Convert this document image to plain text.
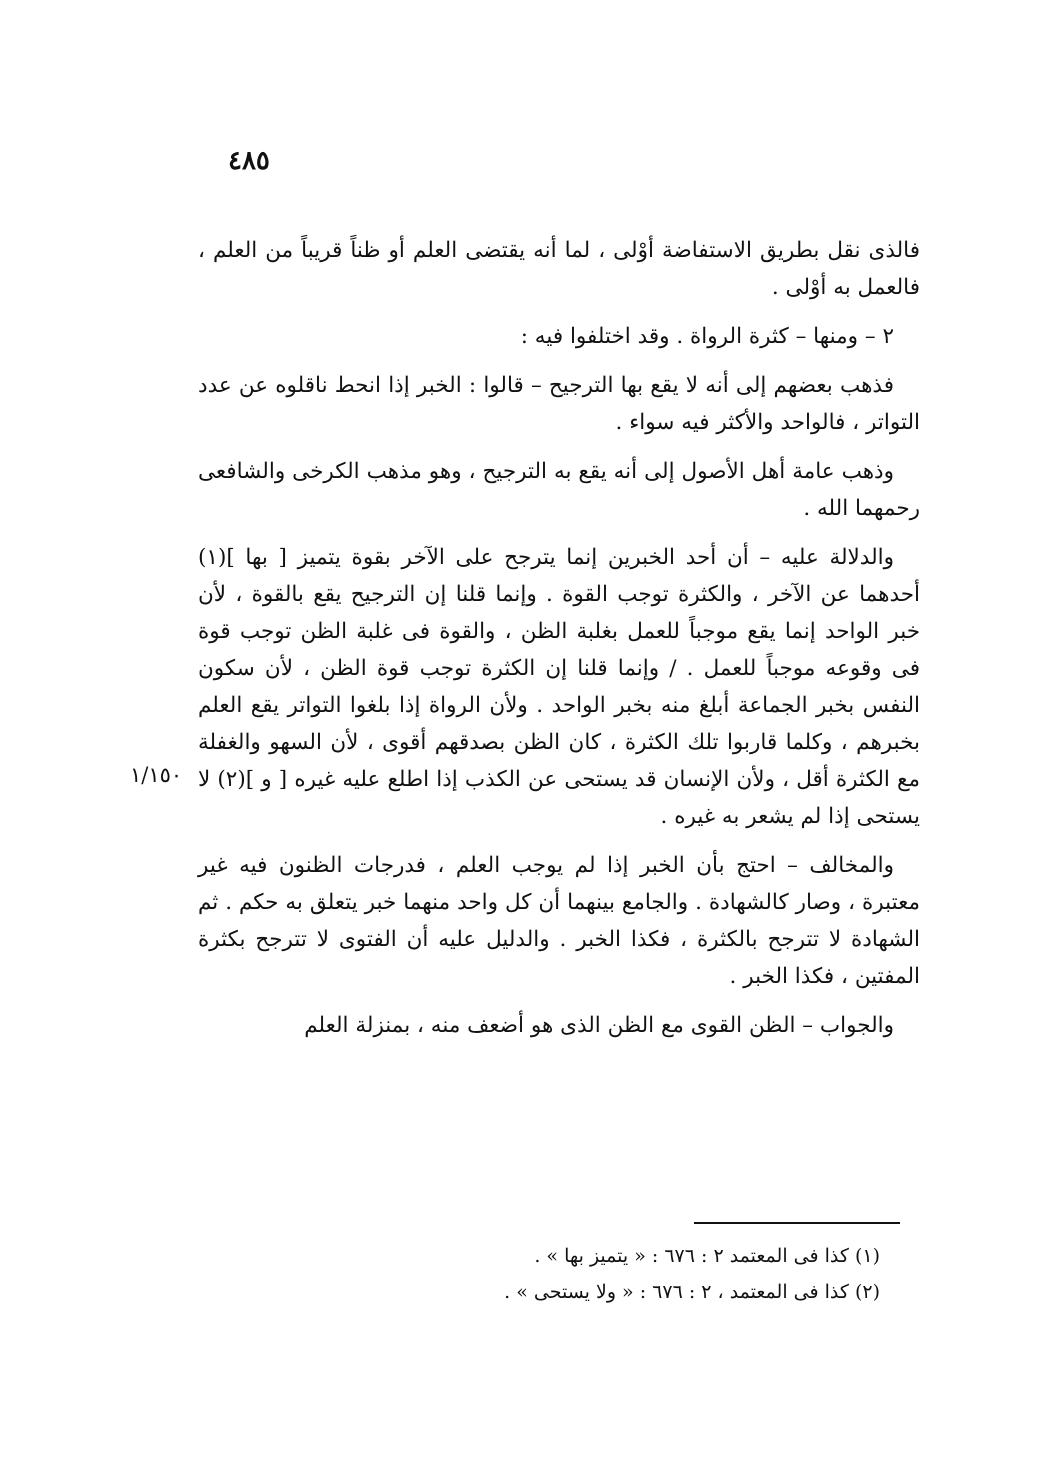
٤٨٥

فالذى نقل بطريق الاستفاضة أوْلى ، لما أنه يقتضى العلم أو ظناً قريباً من العلم ، فالعمل به أوْلى .

٢ – ومنها – كثرة الرواة . وقد اختلفوا فيه :

فذهب بعضهم إلى أنه لا يقع بها الترجيح – قالوا : الخبر إذا انحط ناقلوه عن عدد التواتر ، فالواحد والأكثر فيه سواء .

وذهب عامة أهل الأصول إلى أنه يقع به الترجيح ، وهو مذهب الكرخى والشافعى رحمهما الله .

والدلالة عليه – أن أحد الخبرين إنما يترجح على الآخر بقوة يتميز [ بها ](١) أحدهما عن الآخر ، والكثرة توجب القوة . وإنما قلنا إن الترجيح يقع بالقوة ، لأن خبر الواحد إنما يقع موجباً للعمل بغلبة الظن ، والقوة فى غلبة الظن توجب قوة فى وقوعه موجباً للعمل . / وإنما قلنا إن الكثرة توجب قوة الظن ، لأن سكون النفس بخبر الجماعة أبلغ منه بخبر الواحد . ولأن الرواة إذا بلغوا التواتر يقع العلم بخبرهم ، وكلما قاربوا تلك الكثرة ، كان الظن بصدقهم أقوى ، لأن السهو والغفلة مع الكثرة أقل ، ولأن الإنسان قد يستحى عن الكذب إذا اطلع عليه غيره [ و ](٢) لا يستحى إذا لم يشعر به غيره .

والمخالف – احتج بأن الخبر إذا لم يوجب العلم ، فدرجات الظنون فيه غير معتبرة ، وصار كالشهادة . والجامع بينهما أن كل واحد منهما خبر يتعلق به حكم . ثم الشهادة لا تترجح بالكثرة ، فكذا الخبر . والدليل عليه أن الفتوى لا تترجح بكثرة المفتين ، فكذا الخبر .

والجواب – الظن القوى مع الظن الذى هو أضعف منه ، بمنزلة العلم

١/١٥٠

(١) كذا فى المعتمد ٢ : ٦٧٦ : « يتميز بها » .

(٢) كذا فى المعتمد ، ٢ : ٦٧٦ : « ولا يستحى » .
